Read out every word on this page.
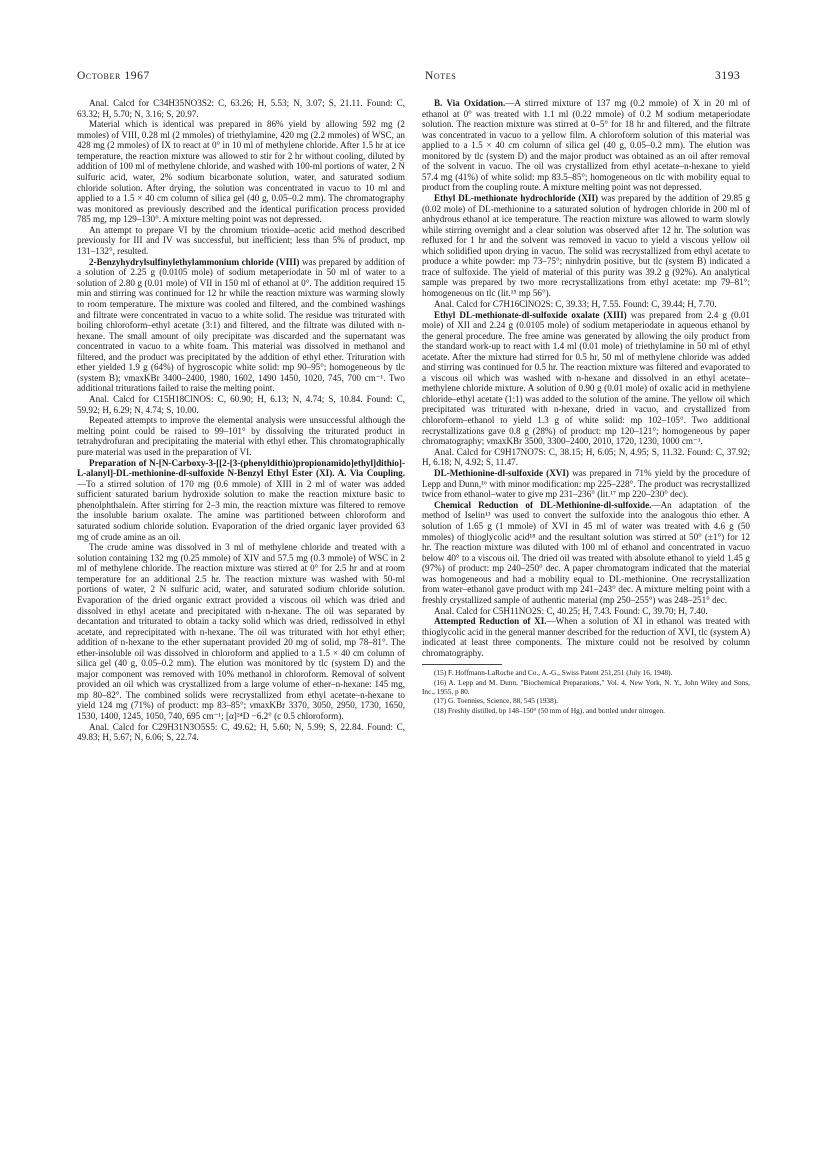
October 1967	Notes	3193

Anal. Calcd for C34H35NO3S2: C, 63.26; H, 5.53; N, 3.07; S, 21.11. Found: C, 63.32; H, 5.70; N, 3.16; S, 20.97.

Material which is identical was prepared in 86% yield by allowing 592 mg (2 mmoles) of VIII, 0.28 ml (2 mmoles) of triethylamine, 420 mg (2.2 mmoles) of WSC, an 428 mg (2 mmoles) of IX to react at 0° in 10 ml of methylene chloride. After 1.5 hr at ice temperature, the reaction mixture was allowed to stir for 2 hr without cooling, diluted by addition of 100 ml of methylene chloride, and washed with 100-ml portions of water, 2 N sulfuric acid, water, 2% sodium bicarbonate solution, water, and saturated sodium chloride solution. After drying, the solution was concentrated in vacuo to 10 ml and applied to a 1.5 × 40 cm column of silica gel (40 g, 0.05–0.2 mm). The chromatography was monitored as previously described and the identical purification process provided 785 mg, mp 129–130°. A mixture melting point was not depressed.

An attempt to prepare VI by the chromium trioxide–acetic acid method described previously for III and IV was successful, but inefficient; less than 5% of product, mp 131–132°, resulted.

2-Benzyhydrylsulfinylethylammonium chloride (VIII) was prepared by addition of a solution of 2.25 g (0.0105 mole) of sodium metaperiodate in 50 ml of water to a solution of 2.80 g (0.01 mole) of VII in 150 ml of ethanol at 0°. The addition required 15 min and stirring was continued for 12 hr while the reaction mixture was warming slowly to room temperature. The mixture was cooled and filtered, and the combined washings and filtrate were concentrated in vacuo to a white solid. The residue was triturated with boiling chloroform–ethyl acetate (3:1) and filtered, and the filtrate was diluted with n-hexane. The small amount of oily precipitate was discarded and the supernatant was concentrated in vacuo to a white foam. This material was dissolved in methanol and filtered, and the product was precipitated by the addition of ethyl ether. Trituration with ether yielded 1.9 g (64%) of hygroscopic white solid: mp 90–95°; homogeneous by tlc (system B); νmaxKBr 3400–2400, 1980, 1602, 1490 1450, 1020, 745, 700 cm⁻¹. Two additional triturations failed to raise the melting point.

Anal. Calcd for C15H18ClNOS: C, 60.90; H, 6.13; N, 4.74; S, 10.84. Found: C, 59.92; H, 6.29; N, 4.74; S, 10.00.

Repeated attempts to improve the elemental analysis were unsuccessful although the melting point could be raised to 99–101° by dissolving the triturated product in tetrahydrofuran and precipitating the material with ethyl ether. This chromatographically pure material was used in the preparation of VI.

Preparation of N-[N-Carboxy-3-[[2-[3-(phenyldithio)propionamido]ethyl]dithio]-L-alanyl]-DL-methionine-dl-sulfoxide N-Benzyl Ethyl Ester (XI). A. Via Coupling.—To a stirred solution of 170 mg (0.6 mmole) of XIII in 2 ml of water was added sufficient saturated barium hydroxide solution to make the reaction mixture basic to phenolphthalein. After stirring for 2–3 min, the reaction mixture was filtered to remove the insoluble barium oxalate. The amine was partitioned between chloroform and saturated sodium chloride solution. Evaporation of the dried organic layer provided 63 mg of crude amine as an oil.

The crude amine was dissolved in 3 ml of methylene chloride and treated with a solution containing 132 mg (0.25 mmole) of XIV and 57.5 mg (0.3 mmole) of WSC in 2 ml of methylene chloride. The reaction mixture was stirred at 0° for 2.5 hr and at room temperature for an additional 2.5 hr. The reaction mixture was washed with 50-ml portions of water, 2 N sulfuric acid, water, and saturated sodium chloride solution. Evaporation of the dried organic extract provided a viscous oil which was dried and dissolved in ethyl acetate and precipitated with n-hexane. The oil was separated by decantation and triturated to obtain a tacky solid which was dried, redissolved in ethyl acetate, and reprecipitated with n-hexane. The oil was triturated with hot ethyl ether; addition of n-hexane to the ether supernatant provided 20 mg of solid, mp 78–81°. The ether-insoluble oil was dissolved in chloroform and applied to a 1.5 × 40 cm column of silica gel (40 g, 0.05–0.2 mm). The elution was monitored by tlc (system D) and the major component was removed with 10% methanol in chloroform. Removal of solvent provided an oil which was crystallized from a large volume of ether–n-hexane: 145 mg, mp 80–82°. The combined solids were recrystallized from ethyl acetate–n-hexane to yield 124 mg (71%) of product: mp 83–85°; νmaxKBr 3370, 3050, 2950, 1730, 1650, 1530, 1400, 1245, 1050, 740, 695 cm⁻¹; [α]²⁴D −6.2° (c 0.5 chloroform).

Anal. Calcd for C29H31N3O5S5: C, 49.62; H, 5.60; N, 5.99; S, 22.84. Found: C, 49.83; H, 5.67; N, 6.06; S, 22.74.

B. Via Oxidation.—A stirred mixture of 137 mg (0.2 mmole) of X in 20 ml of ethanol at 0° was treated with 1.1 ml (0.22 mmole) of 0.2 M sodium metaperiodate solution. The reaction mixture was stirred at 0–5° for 18 hr and filtered, and the filtrate was concentrated in vacuo to a yellow film. A chloroform solution of this material was applied to a 1.5 × 40 cm column of silica gel (40 g, 0.05–0.2 mm). The elution was monitored by tlc (system D) and the major product was obtained as an oil after removal of the solvent in vacuo. The oil was crystallized from ethyl acetate–n-hexane to yield 57.4 mg (41%) of white solid: mp 83.5–85°; homogeneous on tlc with mobility equal to product from the coupling route. A mixture melting point was not depressed.

Ethyl DL-methionate hydrochloride (XII) was prepared by the addition of 29.85 g (0.02 mole) of DL-methionine to a saturated solution of hydrogen chloride in 200 ml of anhydrous ethanol at ice temperature. The reaction mixture was allowed to warm slowly while stirring overnight and a clear solution was observed after 12 hr. The solution was refluxed for 1 hr and the solvent was removed in vacuo to yield a viscous yellow oil which solidified upon drying in vacuo. The solid was recrystallized from ethyl acetate to produce a white powder: mp 73–75°; ninhydrin positive, but tlc (system B) indicated a trace of sulfoxide. The yield of material of this purity was 39.2 g (92%). An analytical sample was prepared by two more recrystallizations from ethyl acetate: mp 79–81°; homogeneous on tlc (lit.¹⁵ mp 56°).

Anal. Calcd for C7H16ClNO2S: C, 39.33; H, 7.55. Found: C, 39.44; H, 7.70.

Ethyl DL-methionate-dl-sulfoxide oxalate (XIII) was prepared from 2.4 g (0.01 mole) of XII and 2.24 g (0.0105 mole) of sodium metaperiodate in aqueous ethanol by the general procedure. The free amine was generated by allowing the oily product from the standard work-up to react with 1.4 ml (0.01 mole) of triethylamine in 50 ml of ethyl acetate. After the mixture had stirred for 0.5 hr, 50 ml of methylene chloride was added and stirring was continued for 0.5 hr. The reaction mixture was filtered and evaporated to a viscous oil which was washed with n-hexane and dissolved in an ethyl acetate–methylene chloride mixture. A solution of 0.90 g (0.01 mole) of oxalic acid in methylene chloride–ethyl acetate (1:1) was added to the solution of the amine. The yellow oil which precipitated was triturated with n-hexane, dried in vacuo, and crystallized from chloroform–ethanol to yield 1.3 g of white solid: mp 102–105°. Two additional recrystallizations gave 0.8 g (28%) of product: mp 120–121°; homogeneous by paper chromatography; νmaxKBr 3500, 3300–2400, 2010, 1720, 1230, 1000 cm⁻¹.

Anal. Calcd for C9H17NO7S: C, 38.15; H, 6.05; N, 4.95; S, 11.32. Found: C, 37.92; H, 6.18; N, 4.92; S, 11.47.

DL-Methionine-dl-sulfoxide (XVI) was prepared in 71% yield by the procedure of Lepp and Dunn,¹⁶ with minor modification: mp 225–228°. The product was recrystallized twice from ethanol–water to give mp 231–236° (lit.¹⁷ mp 220–230° dec).

Chemical Reduction of DL-Methionine-dl-sulfoxide.—An adaptation of the method of Iselin¹³ was used to convert the sulfoxide into the analogous thio ether. A solution of 1.65 g (1 mmole) of XVI in 45 ml of water was treated with 4.6 g (50 mmoles) of thioglycolic acid¹⁸ and the resultant solution was stirred at 50° (±1°) for 12 hr. The reaction mixture was diluted with 100 ml of ethanol and concentrated in vacuo below 40° to a viscous oil. The dried oil was treated with absolute ethanol to yield 1.45 g (97%) of product: mp 240–250° dec. A paper chromatogram indicated that the material was homogeneous and had a mobility equal to DL-methionine. One recrystallization from water–ethanol gave product with mp 241–243° dec. A mixture melting point with a freshly crystallized sample of authentic material (mp 250–255°) was 248–251° dec.

Anal. Calcd for C5H11NO2S: C, 40.25; H, 7.43. Found: C, 39.70; H, 7.40.

Attempted Reduction of XI.—When a solution of XI in ethanol was treated with thioglycolic acid in the general manner described for the reduction of XVI, tlc (system A) indicated at least three components. The mixture could not be resolved by column chromatography.

(15) F. Hoffmann-LaRoche and Co., A.-G., Swiss Patent 251,251 (July 16, 1948).

(16) A. Lepp and M. Dunn, "Biochemical Preparations," Vol. 4, New York, N. Y., John Wiley and Sons, Inc., 1955, p 80.

(17) G. Toennies, Science, 88, 545 (1938).

(18) Freshly distilled, bp 148–150° (50 mm of Hg), and bottled under nitrogen.
